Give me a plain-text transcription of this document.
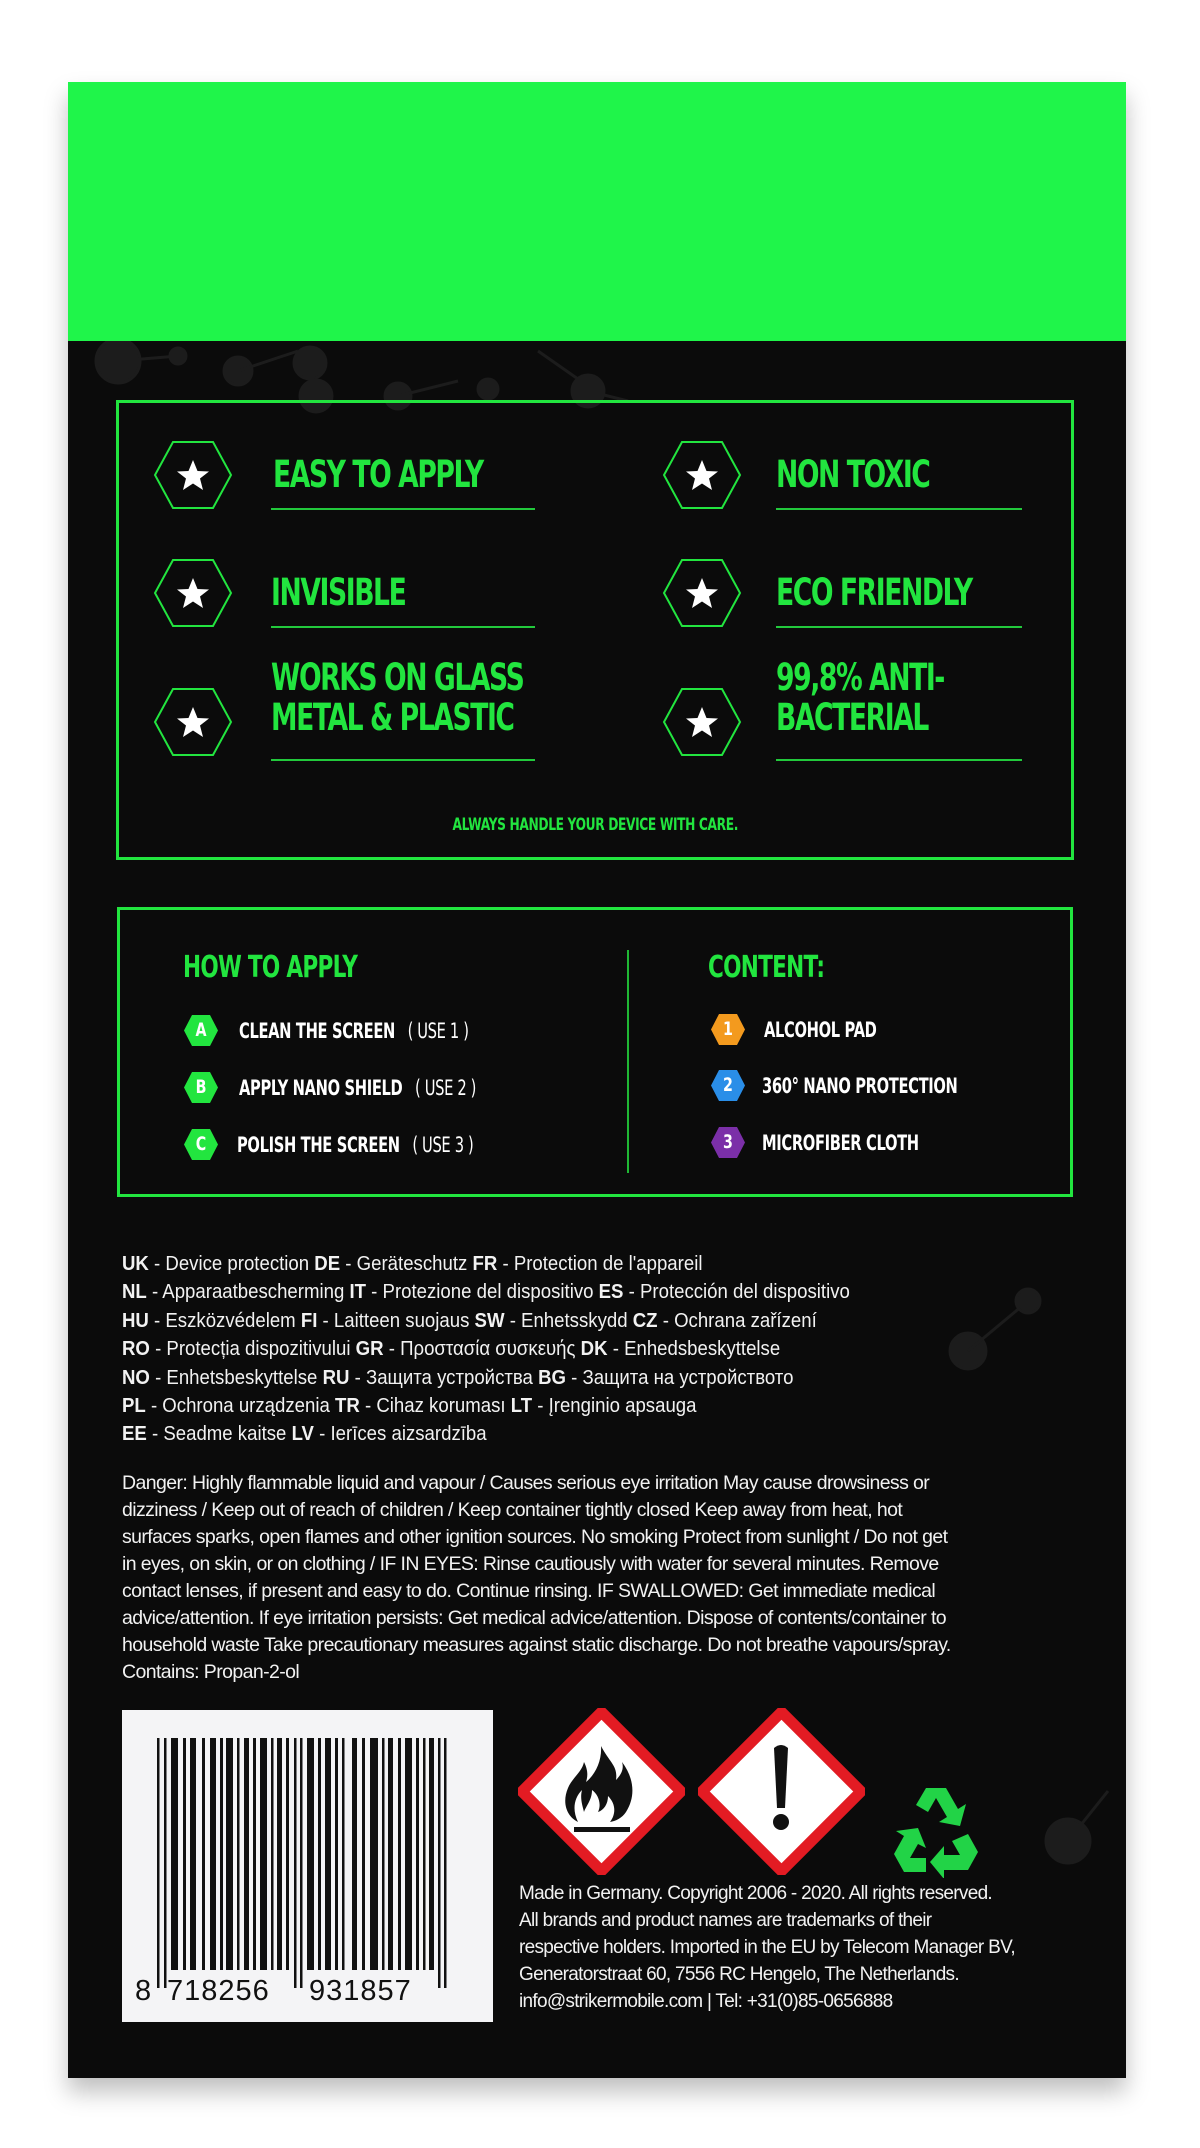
EASY TO APPLY	NON TOXIC
INVISIBLE	ECO FRIENDLY
WORKS ON GLASS
METAL & PLASTIC
99,8% ANTI-
BACTERIAL
ALWAYS HANDLE YOUR DEVICE WITH CARE.
HOW TO APPLY
A	CLEAN THE SCREEN ( USE 1 )
B	APPLY NANO SHIELD ( USE 2 )
C	POLISH THE SCREEN ( USE 3 )
CONTENT:
1	ALCOHOL PAD
2	360° NANO PROTECTION
3	MICROFIBER CLOTH
UK - Device protection DE - Geräteschutz FR - Protection de l'appareil
NL - Apparaatbescherming IT - Protezione del dispositivo ES - Protección del dispositivo
HU - Eszközvédelem FI - Laitteen suojaus SW - Enhetsskydd CZ - Ochrana zařízení
RO - Protecția dispozitivului GR - Προστασία συσκευής DK - Enhedsbeskyttelse
NO - Enhetsbeskyttelse RU - Защита устройства BG - Защита на устройството
PL - Ochrona urządzenia TR - Cihaz koruması LT - Įrenginio apsauga
EE - Seadme kaitse LV - Ierīces aizsardzība
Danger: Highly flammable liquid and vapour / Causes serious eye irritation May cause drowsiness or
dizziness / Keep out of reach of children / Keep container tightly closed Keep away from heat, hot
surfaces sparks, open flames and other ignition sources. No smoking Protect from sunlight / Do not get
in eyes, on skin, or on clothing / IF IN EYES: Rinse cautiously with water for several minutes. Remove
contact lenses, if present and easy to do. Continue rinsing. IF SWALLOWED: Get immediate medical
advice/attention. If eye irritation persists: Get medical advice/attention. Dispose of contents/container to
household waste Take precautionary measures against static discharge. Do not breathe vapours/spray.
Contains: Propan-2-ol
8 718256 931857
Made in Germany. Copyright 2006 - 2020. All rights reserved.
All brands and product names are trademarks of their
respective holders. Imported in the EU by Telecom Manager BV,
Generatorstraat 60, 7556 RC Hengelo, The Netherlands.
info@strikermobile.com | Tel: +31(0)85-0656888
